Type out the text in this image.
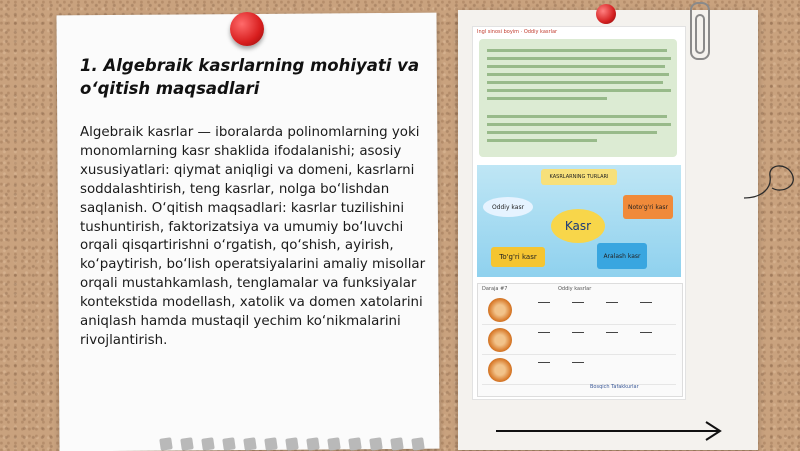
1. Algebraik kasrlarning mohiyati va o‘qitish maqsadlari
Algebraik kasrlar — iboralarda polinomlarning yoki monomlarning kasr shaklida ifodalanishi; asosiy xususiyatlari: qiymat aniqligi va domeni, kasrlarni soddalashtirish, teng kasrlar, nolga bo‘lishdan saqlanish. O‘qitish maqsadlari: kasrlar tuzilishini tushuntirish, faktorizatsiya va umumiy bo‘luvchi orqali qisqartirishni o‘rgatish, qo‘shish, ayirish, ko‘paytirish, bo‘lish operatsiyalarini amaliy misollar orqali mustahkamlash, tenglamalar va funksiyalar kontekstida modellash, xatolik va domen xatolarini aniqlash hamda mustaqil yechim ko‘nikmalarini rivojlantirish.
Ingl sinosi boyim · Oddiy kasrlar
KASRLARNING TURLARI
Oddiy kasr	Noto'g'ri kasr
Kasr
To'g'ri kasr	Aralash kasr
Daraja #7	Oddiy kasrlar
Bosqich Tafakkurlar
